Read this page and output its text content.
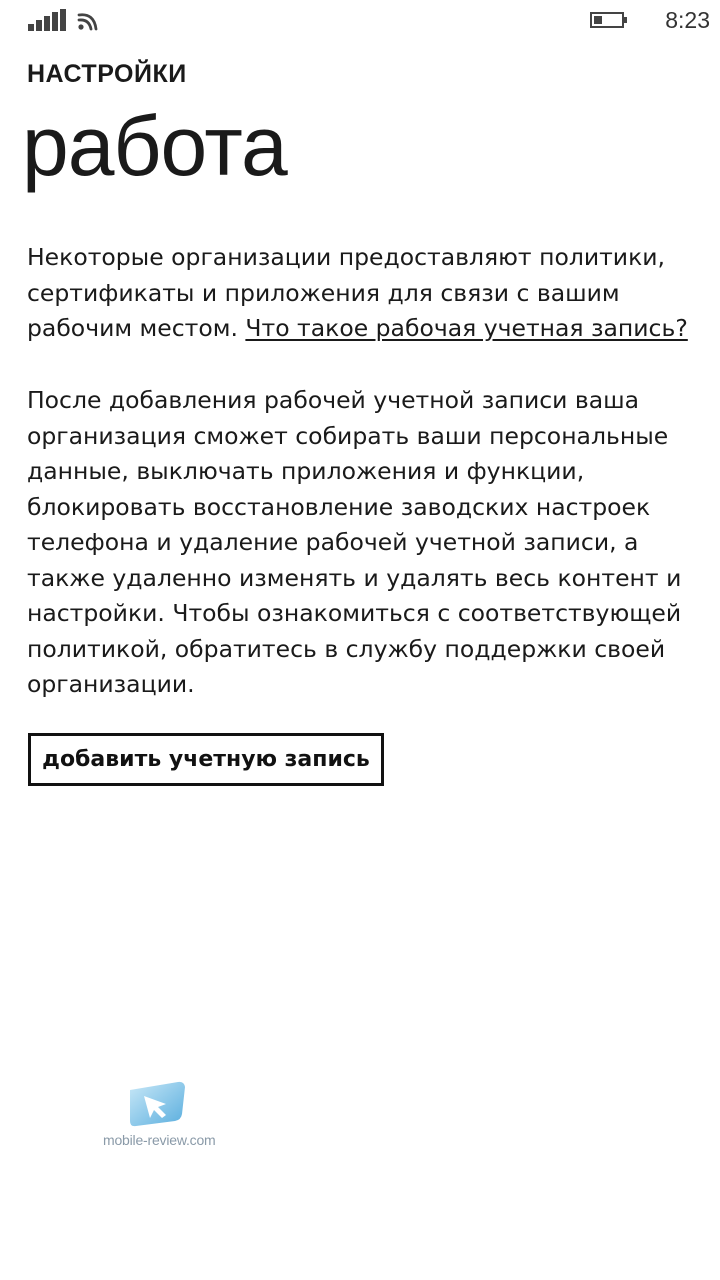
8:23
НАСТРОЙКИ
работа

Некоторые организации предоставляют политики, сертификаты и приложения для связи с вашим рабочим местом. Что такое рабочая учетная запись?

После добавления рабочей учетной записи ваша организация сможет собирать ваши персональные данные, выключать приложения и функции, блокировать восстановление заводских настроек телефона и удаление рабочей учетной записи, а также удаленно изменять и удалять весь контент и настройки. Чтобы ознакомиться с соответствующей политикой, обратитесь в службу поддержки своей организации.

добавить учетную запись
mobile-review.com
